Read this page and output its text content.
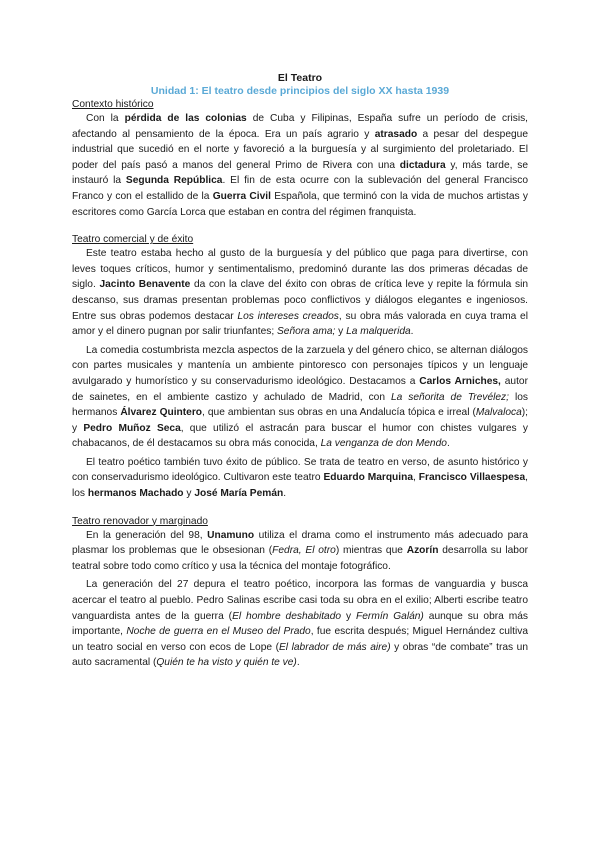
El Teatro
Unidad 1: El teatro desde principios del siglo XX hasta 1939
Contexto histórico

Con la pérdida de las colonias de Cuba y Filipinas, España sufre un período de crisis, afectando al pensamiento de la época. Era un país agrario y atrasado a pesar del despegue industrial que sucedió en el norte y favoreció a la burguesía y al surgimiento del proletariado. El poder del país pasó a manos del general Primo de Rivera con una dictadura y, más tarde, se instauró la Segunda República. El fin de esta ocurre con la sublevación del general Francisco Franco y con el estallido de la Guerra Civil Española, que terminó con la vida de muchos artistas y escritores como García Lorca que estaban en contra del régimen franquista.

Teatro comercial y de éxito

Este teatro estaba hecho al gusto de la burguesía y del público que paga para divertirse, con leves toques críticos, humor y sentimentalismo, predominó durante las dos primeras décadas de siglo. Jacinto Benavente da con la clave del éxito con obras de crítica leve y repite la fórmula sin descanso, sus dramas presentan problemas poco conflictivos y diálogos elegantes e ingeniosos. Entre sus obras podemos destacar Los intereses creados, su obra más valorada en cuya trama el amor y el dinero pugnan por salir triunfantes; Señora ama; y La malquerida.

La comedia costumbrista mezcla aspectos de la zarzuela y del género chico, se alternan diálogos con partes musicales y mantenía un ambiente pintoresco con personajes típicos y un lenguaje avulgarado y humorístico y su conservadurismo ideológico. Destacamos a Carlos Arniches, autor de sainetes, en el ambiente castizo y achulado de Madrid, con La señorita de Trevélez; los hermanos Álvarez Quintero, que ambientan sus obras en una Andalucía tópica e irreal (Malvaloca); y Pedro Muñoz Seca, que utilizó el astracán para buscar el humor con chistes vulgares y chabacanos, de él destacamos su obra más conocida, La venganza de don Mendo.

El teatro poético también tuvo éxito de público. Se trata de teatro en verso, de asunto histórico y con conservadurismo ideológico. Cultivaron este teatro Eduardo Marquina, Francisco Villaespesa, los hermanos Machado y José María Pemán.

Teatro renovador y marginado

En la generación del 98, Unamuno utiliza el drama como el instrumento más adecuado para plasmar los problemas que le obsesionan (Fedra, El otro) mientras que Azorín desarrolla su labor teatral sobre todo como crítico y usa la técnica del montaje fotográfico.

La generación del 27 depura el teatro poético, incorpora las formas de vanguardia y busca acercar el teatro al pueblo. Pedro Salinas escribe casi toda su obra en el exilio; Alberti escribe teatro vanguardista antes de la guerra (El hombre deshabitado y Fermín Galán) aunque su obra más importante, Noche de guerra en el Museo del Prado, fue escrita después; Miguel Hernández cultiva un teatro social en verso con ecos de Lope (El labrador de más aire) y obras “de combate” tras un auto sacramental (Quién te ha visto y quién te ve).
